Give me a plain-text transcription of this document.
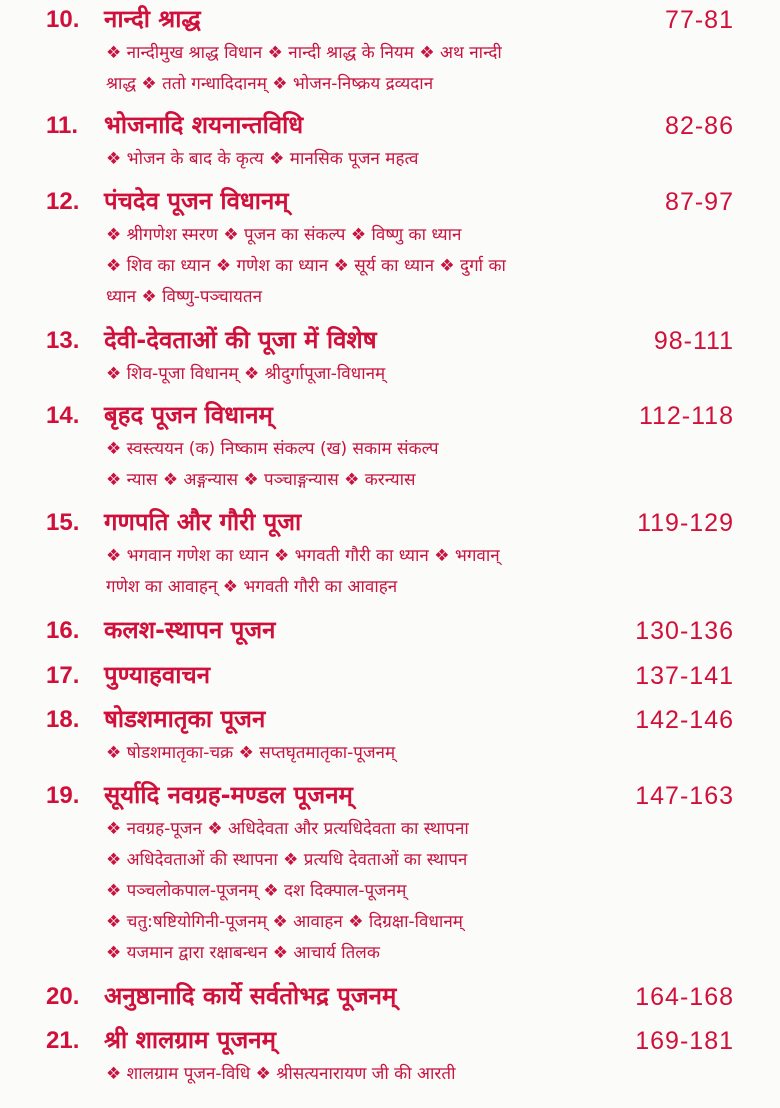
10. नान्दी श्राद्ध	77-81
❖ नान्दीमुख श्राद्ध विधान ❖ नान्दी श्राद्ध के नियम ❖ अथ नान्दी
श्राद्ध ❖ ततो गन्धादिदानम् ❖ भोजन-निष्क्रय द्रव्यदान
11. भोजनादि शयनान्तविधि	82-86
❖ भोजन के बाद के कृत्य ❖ मानसिक पूजन महत्व
12. पंचदेव पूजन विधानम्	87-97
❖ श्रीगणेश स्मरण ❖ पूजन का संकल्प ❖ विष्णु का ध्यान
❖ शिव का ध्यान ❖ गणेश का ध्यान ❖ सूर्य का ध्यान ❖ दुर्गा का
ध्यान ❖ विष्णु-पञ्चायतन
13. देवी-देवताओं की पूजा में विशेष	98-111
❖ शिव-पूजा विधानम् ❖ श्रीदुर्गापूजा-विधानम्
14. बृहद पूजन विधानम्	112-118
❖ स्वस्त्ययन (क) निष्काम संकल्प (ख) सकाम संकल्प
❖ न्यास ❖ अङ्गन्यास ❖ पञ्चाङ्गन्यास ❖ करन्यास
15. गणपति और गौरी पूजा	119-129
❖ भगवान गणेश का ध्यान ❖ भगवती गौरी का ध्यान ❖ भगवान्
गणेश का आवाहन् ❖ भगवती गौरी का आवाहन
16. कलश-स्थापन पूजन	130-136
17. पुण्याहवाचन	137-141
18. षोडशमातृका पूजन	142-146
❖ षोडशमातृका-चक्र ❖ सप्तघृतमातृका-पूजनम्
19. सूर्यादि नवग्रह-मण्डल पूजनम्	147-163
❖ नवग्रह-पूजन ❖ अधिदेवता और प्रत्यधिदेवता का स्थापना
❖ अधिदेवताओं की स्थापना ❖ प्रत्यधि देवताओं का स्थापन
❖ पञ्चलोकपाल-पूजनम् ❖ दश दिक्पाल-पूजनम्
❖ चतु:षष्टियोगिनी-पूजनम् ❖ आवाहन ❖ दिग्रक्षा-विधानम्
❖ यजमान द्वारा रक्षाबन्धन ❖ आचार्य तिलक
20. अनुष्ठानादि कार्ये सर्वतोभद्र पूजनम्	164-168
21. श्री शालग्राम पूजनम्	169-181
❖ शालग्राम पूजन-विधि ❖ श्रीसत्यनारायण जी की आरती
